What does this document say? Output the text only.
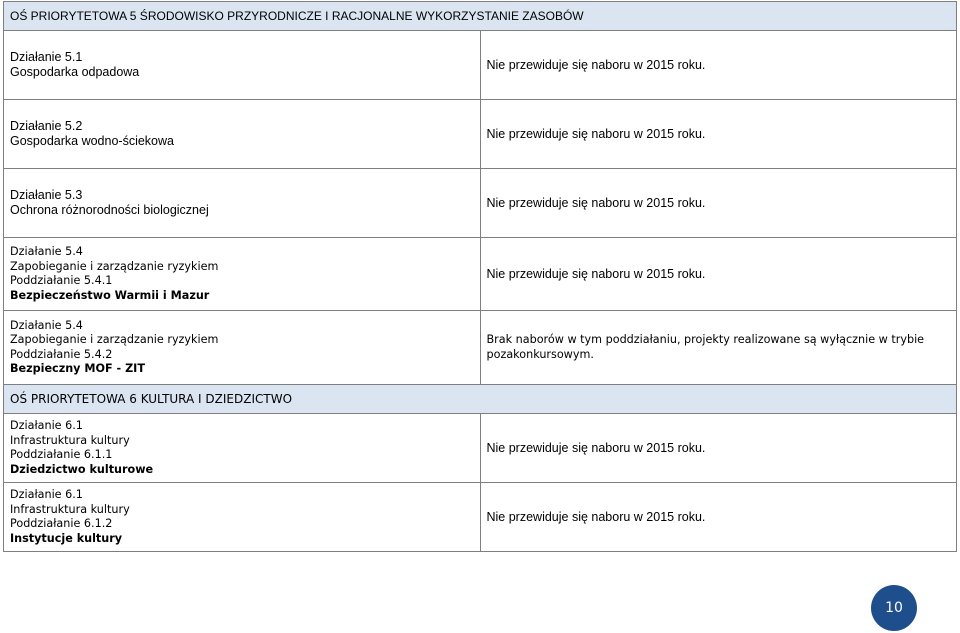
OŚ PRIORYTETOWA 5 ŚRODOWISKO PRZYRODNICZE I RACJONALNE WYKORZYSTANIE ZASOBÓW	

Działanie 5.1
Gospodarka odpadowa	Nie przewiduje się naboru w 2015 roku.

Działanie 5.2
Gospodarka wodno-ściekowa	Nie przewiduje się naboru w 2015 roku.

Działanie 5.3
Ochrona różnorodności biologicznej	Nie przewiduje się naboru w 2015 roku.

Działanie 5.4
Zapobieganie i zarządzanie ryzykiem
Poddziałanie 5.4.1
Bezpieczeństwo Warmii i Mazur	Nie przewiduje się naboru w 2015 roku.

Działanie 5.4
Zapobieganie i zarządzanie ryzykiem
Poddziałanie 5.4.2
Bezpieczny MOF - ZIT	Brak naborów w tym poddziałaniu, projekty realizowane są wyłącznie w trybie pozakonkursowym.
OŚ PRIORYTETOWA 6 KULTURA I DZIEDZICTWO	

Działanie 6.1
Infrastruktura kultury
Poddziałanie 6.1.1
Dziedzictwo kulturowe	Nie przewiduje się naboru w 2015 roku.

Działanie 6.1
Infrastruktura kultury
Poddziałanie 6.1.2
Instytucje kultury	Nie przewiduje się naboru w 2015 roku.
10
